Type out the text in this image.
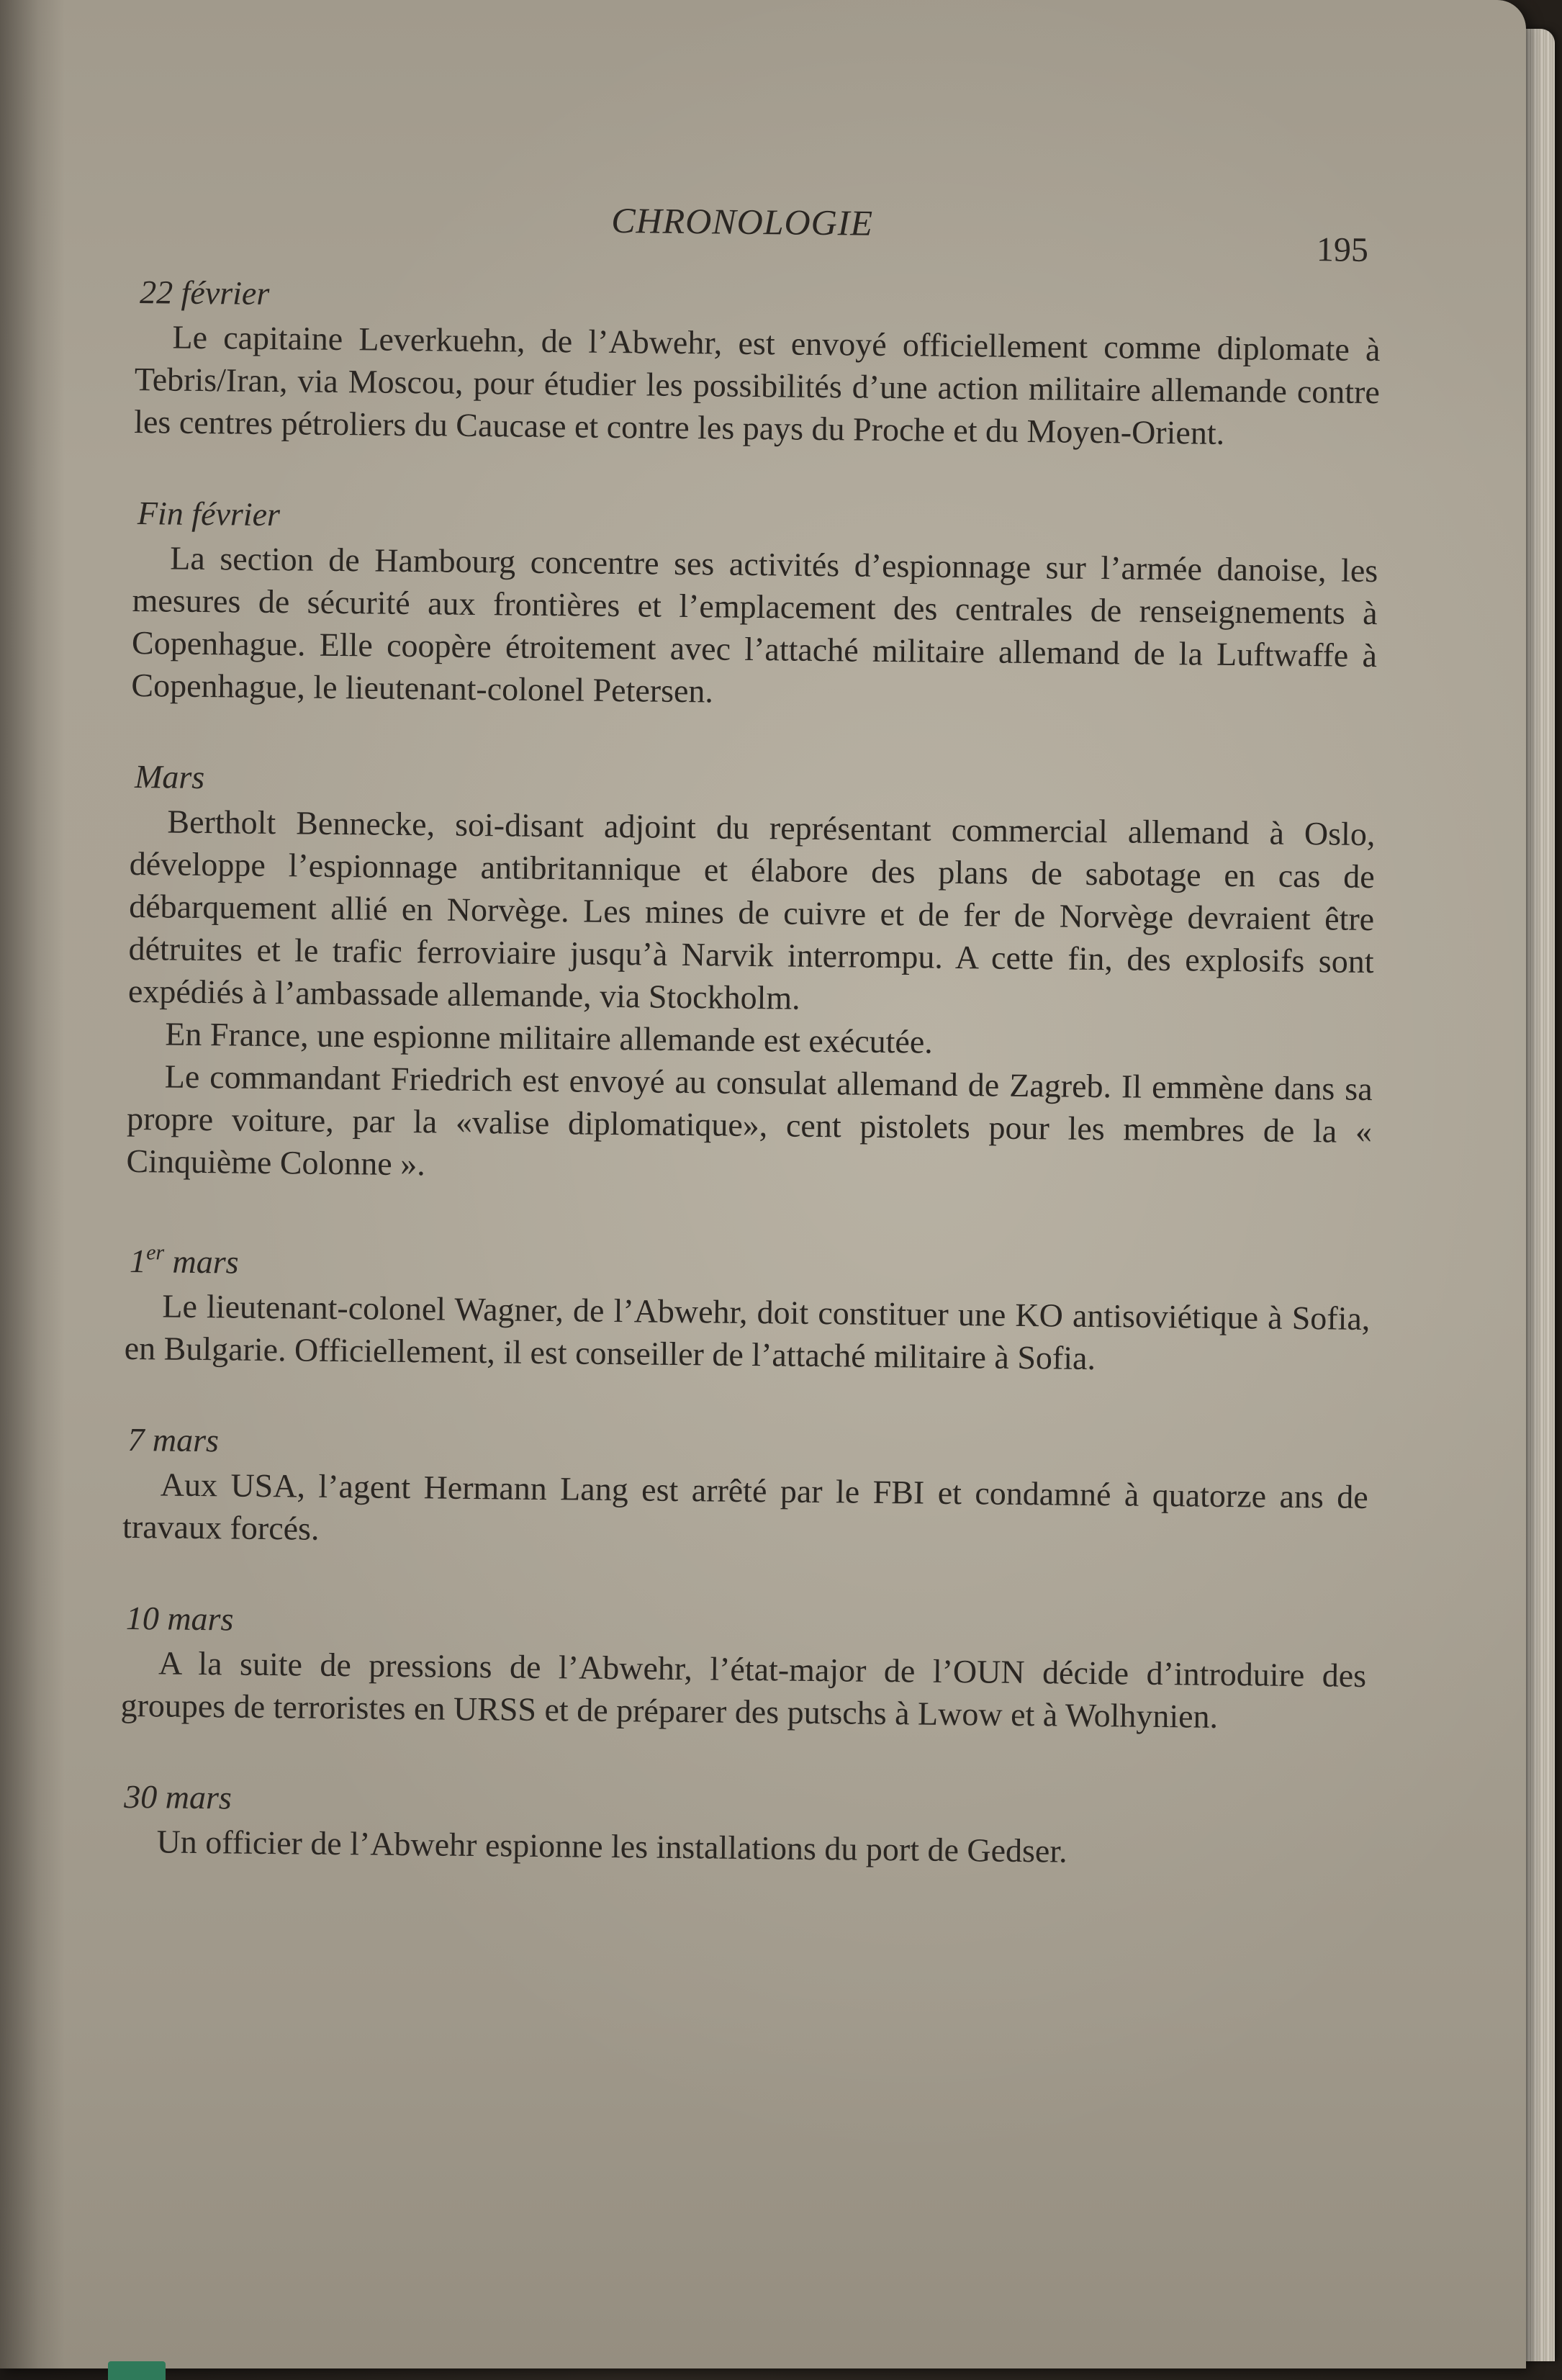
CHRONOLOGIE
195
22 février

Le capitaine Leverkuehn, de l’Abwehr, est envoyé officiellement comme diplomate à Tebris/Iran, via Moscou, pour étudier les possibilités d’une action militaire allemande contre les centres pétroliers du Caucase et contre les pays du Proche et du Moyen-Orient.

Fin février

La section de Hambourg concentre ses activités d’espionnage sur l’armée danoise, les mesures de sécurité aux frontières et l’emplacement des centrales de renseignements à Copenhague. Elle coopère étroitement avec l’attaché militaire allemand de la Luftwaffe à Copenhague, le lieutenant-colonel Petersen.

Mars

Bertholt Bennecke, soi-disant adjoint du représentant commercial allemand à Oslo, développe l’espionnage antibritannique et élabore des plans de sabotage en cas de débarquement allié en Norvège. Les mines de cuivre et de fer de Norvège devraient être détruites et le trafic ferroviaire jusqu’à Narvik interrompu. A cette fin, des explosifs sont expédiés à l’ambassade allemande, via Stockholm.

En France, une espionne militaire allemande est exécutée.

Le commandant Friedrich est envoyé au consulat allemand de Zagreb. Il emmène dans sa propre voiture, par la «valise diplomatique», cent pistolets pour les membres de la « Cinquième Colonne ».

1er mars

Le lieutenant-colonel Wagner, de l’Abwehr, doit constituer une KO antisoviétique à Sofia, en Bulgarie. Officiellement, il est conseiller de l’attaché militaire à Sofia.

7 mars

Aux USA, l’agent Hermann Lang est arrêté par le FBI et condamné à quatorze ans de travaux forcés.

10 mars

A la suite de pressions de l’Abwehr, l’état-major de l’OUN décide d’introduire des groupes de terroristes en URSS et de préparer des putschs à Lwow et à Wolhynien.

30 mars

Un officier de l’Abwehr espionne les installations du port de Gedser.
